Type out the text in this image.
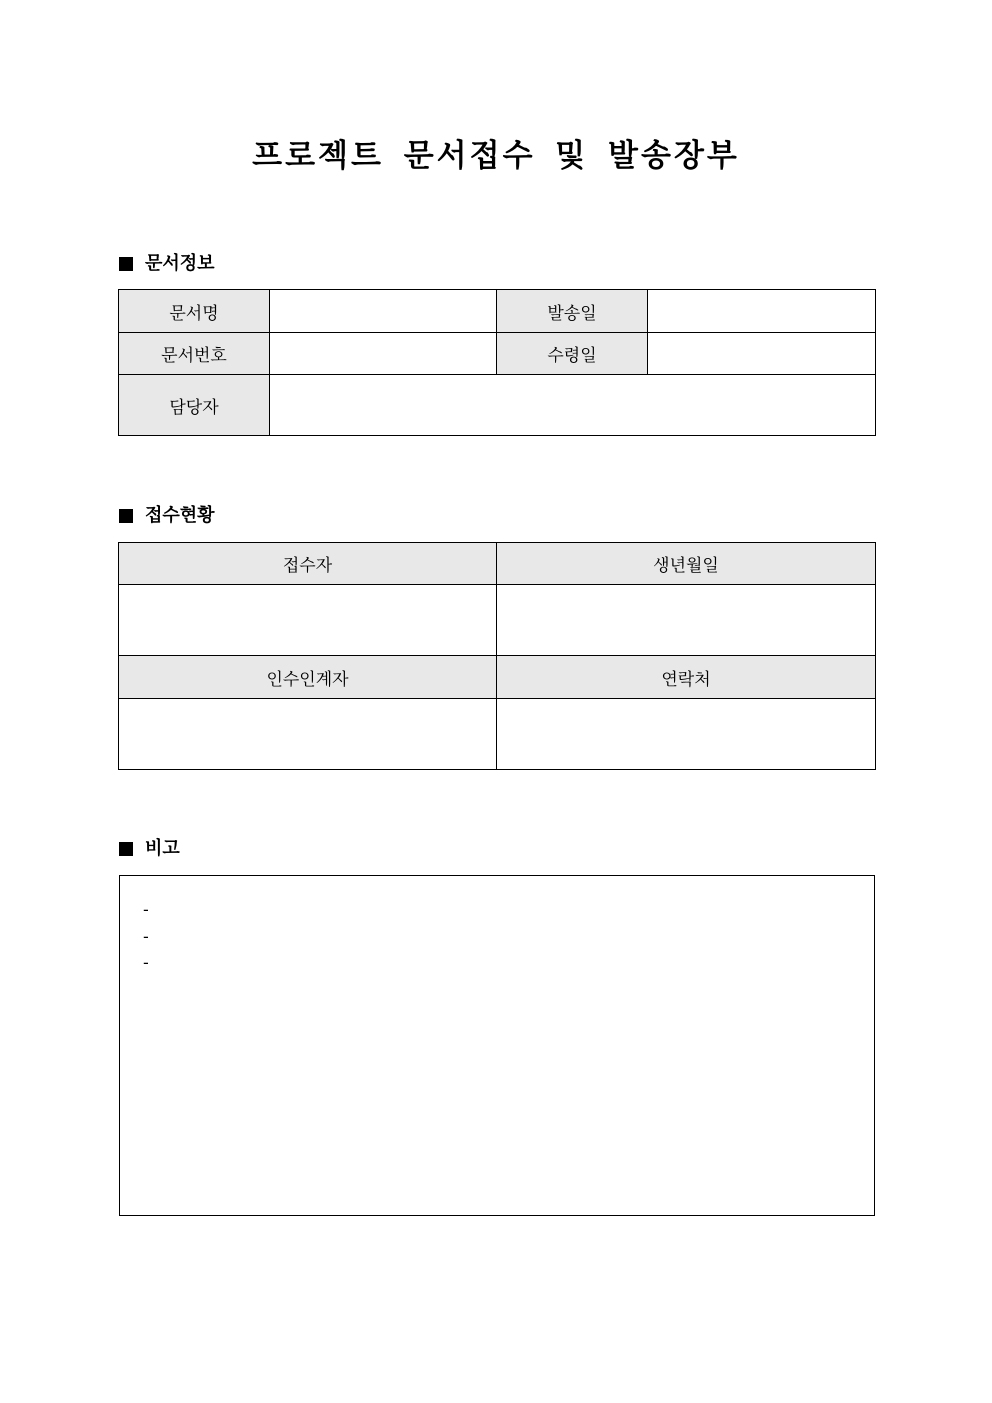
프로젝트 문서접수 및 발송장부
문서정보
문서명		발송일	
문서번호		수령일	
담당자			
접수현황
접수자	생년월일

인수인계자	연락처

비고
-
-
-
